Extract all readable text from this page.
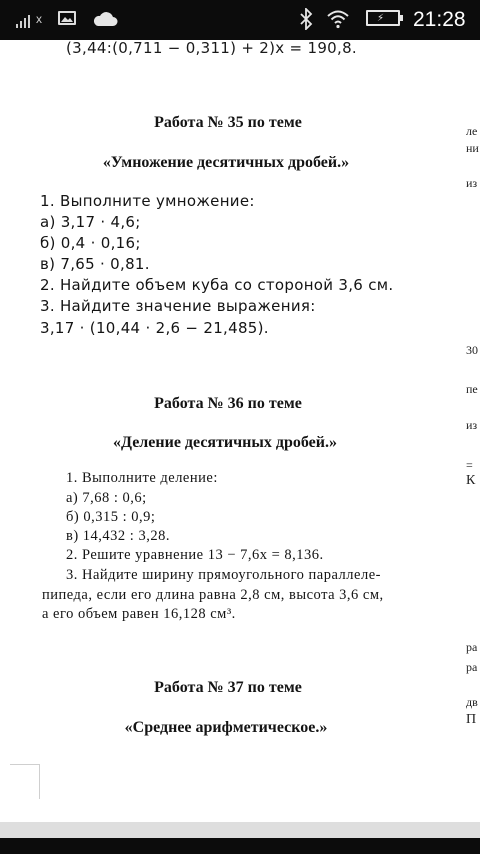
x	⚡ 21:28
(3,44:(0,711 − 0,311) + 2)x = 190,8.
Работа № 35 по теме
«Умножение десятичных дробей.»
1. Выполните умножение:
а) 3,17 · 4,6;
б) 0,4 · 0,16;
в) 7,65 · 0,81.
2. Найдите объем куба со стороной 3,6 см.
3. Найдите значение выражения:
3,17 · (10,44 · 2,6 − 21,485).
Работа № 36 по теме
«Деление десятичных дробей.»
1. Выполните деление:
а) 7,68 : 0,6;
б) 0,315 : 0,9;
в) 14,432 : 3,28.
2. Решите уравнение 13 − 7,6x = 8,136.
3. Найдите ширину прямоугольного параллеле-
пипеда, если его длина равна 2,8 см, высота 3,6 см,
а его объем равен 16,128 см³.
Работа № 37 по теме
«Среднее арифметическое.»
ле
ни
из
30
пе
из
=
К
ра
ра
дв
П
